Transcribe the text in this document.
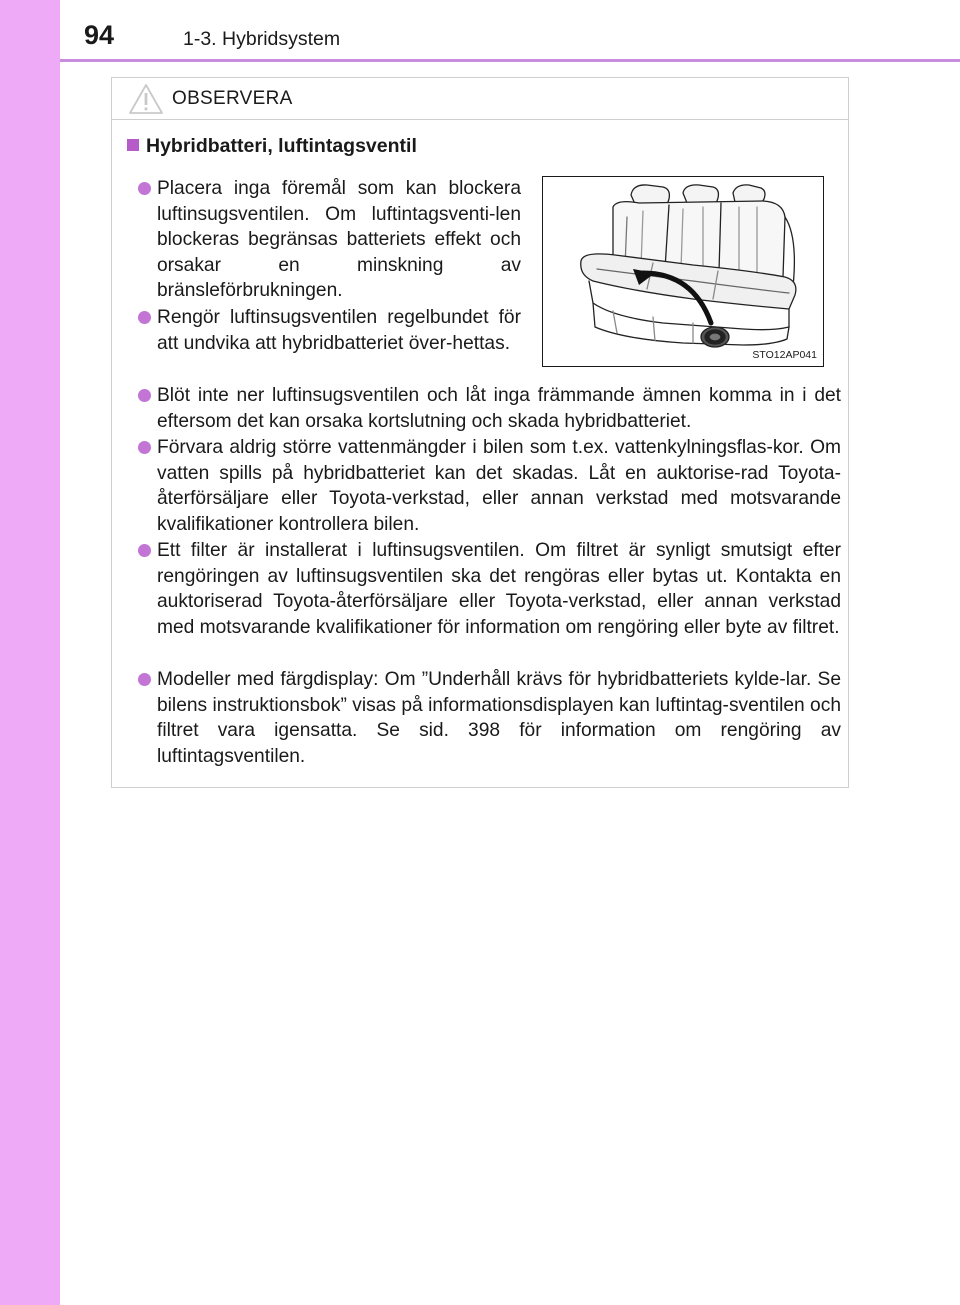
94	1-3. Hybridsystem
OBSERVERA
Hybridbatteri, luftintagsventil
Placera inga föremål som kan blockera luftinsugsventilen. Om luftintagsventi-len blockeras begränsas batteriets effekt och orsakar en minskning av bränsleförbrukningen.
Rengör luftinsugsventilen regelbundet för att undvika att hybridbatteriet över-hettas.
STO12AP041
Blöt inte ner luftinsugsventilen och låt inga främmande ämnen komma in i det eftersom det kan orsaka kortslutning och skada hybridbatteriet.
Förvara aldrig större vattenmängder i bilen som t.ex. vattenkylningsflas-kor. Om vatten spills på hybridbatteriet kan det skadas. Låt en auktorise-rad Toyota-återförsäljare eller Toyota-verkstad, eller annan verkstad med motsvarande kvalifikationer kontrollera bilen.
Ett filter är installerat i luftinsugsventilen. Om filtret är synligt smutsigt efter rengöringen av luftinsugsventilen ska det rengöras eller bytas ut. Kontakta en auktoriserad Toyota-återförsäljare eller Toyota-verkstad, eller annan verkstad med motsvarande kvalifikationer för information om rengöring eller byte av filtret.
Modeller med färgdisplay: Om ”Underhåll krävs för hybridbatteriets kylde-lar. Se bilens instruktionsbok” visas på informationsdisplayen kan luftintag-sventilen och filtret vara igensatta. Se sid. 398 för information om rengöring av luftintagsventilen.
